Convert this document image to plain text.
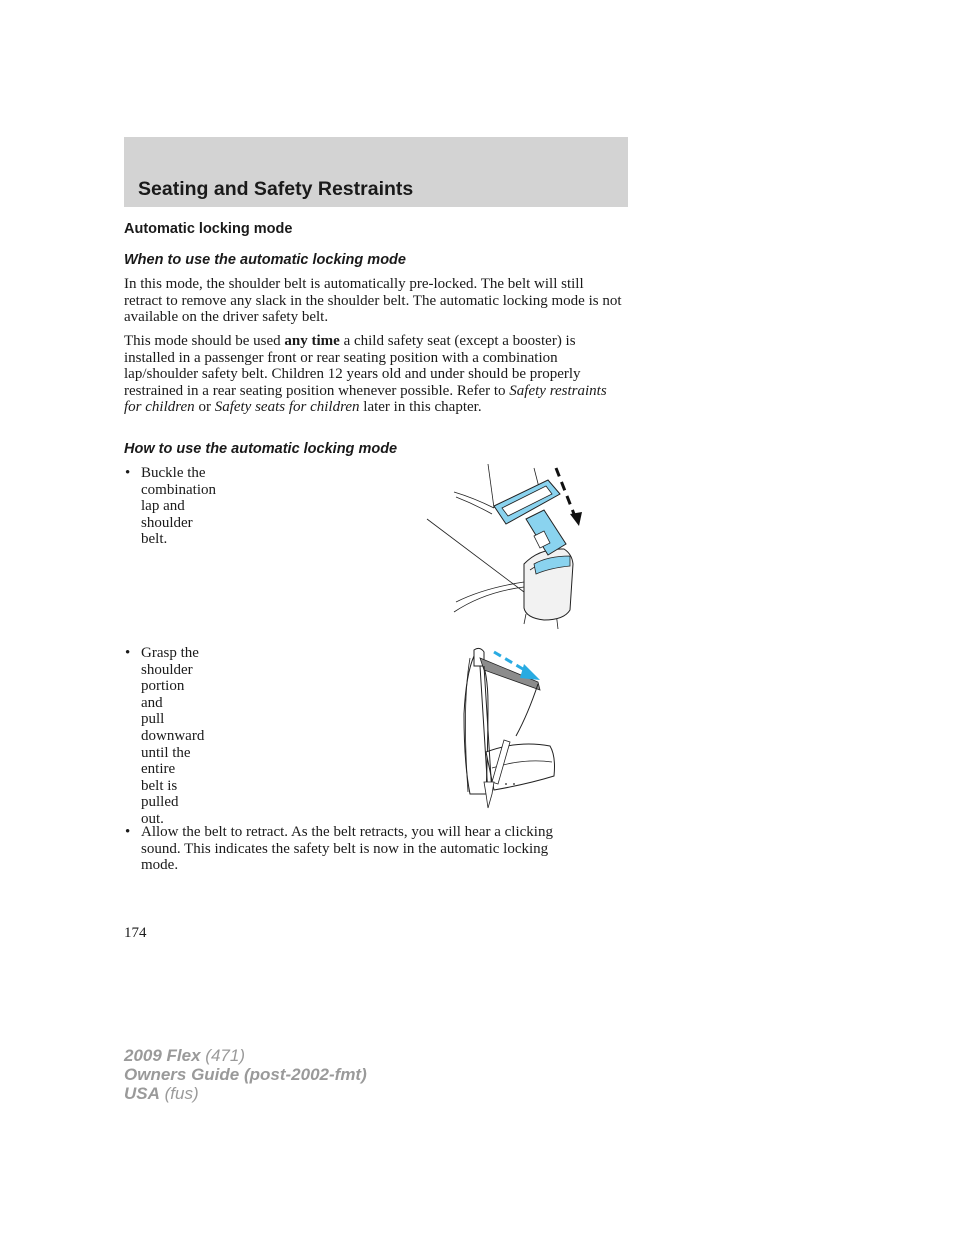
Seating and Safety Restraints
Automatic locking mode
When to use the automatic locking mode
In this mode, the shoulder belt is automatically pre-locked. The belt will still retract to remove any slack in the shoulder belt. The automatic locking mode is not available on the driver safety belt.
This mode should be used any time a child safety seat (except a booster) is installed in a passenger front or rear seating position with a combination lap/shoulder safety belt. Children 12 years old and under should be properly restrained in a rear seating position whenever possible. Refer to Safety restraints for children or Safety seats for children later in this chapter.
How to use the automatic locking mode
• Buckle the combination lap and
shoulder belt.
• Grasp the shoulder portion and
pull downward until the entire
belt is pulled out.
• Allow the belt to retract. As the belt retracts, you will hear a clicking
sound. This indicates the safety belt is now in the automatic locking
mode.
174
2009 Flex (471)
Owners Guide (post-2002-fmt)
USA (fus)
